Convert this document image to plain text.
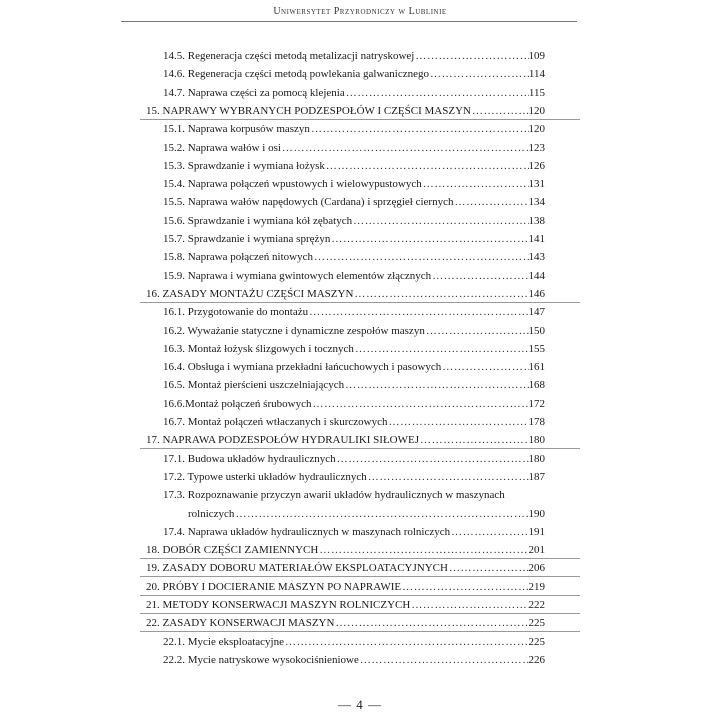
Uniwersytet Przyrodniczy w Lublinie
14.5. Regeneracja części metodą metalizacji natryskowej ………………………………………………………………………………………………………………………………………………………………………………………………	109
14.6. Regeneracja części metodą powlekania galwanicznego ………………………………………………………………………………………………………………………………………………………………………………………………	114
14.7. Naprawa części za pomocą klejenia ………………………………………………………………………………………………………………………………………………………………………………………………	115
15. NAPRAWY WYBRANYCH PODZESPOŁÓW I CZĘŚCI MASZYN ………………………………………………………………………………………………………………………………………………………………………………………………	120
15.1. Naprawa korpusów maszyn ………………………………………………………………………………………………………………………………………………………………………………………………	120
15.2. Naprawa wałów i osi ………………………………………………………………………………………………………………………………………………………………………………………………	123
15.3. Sprawdzanie i wymiana łożysk ………………………………………………………………………………………………………………………………………………………………………………………………	126
15.4. Naprawa połączeń wpustowych i wielowypustowych ………………………………………………………………………………………………………………………………………………………………………………………………	131
15.5. Naprawa wałów napędowych (Cardana) i sprzęgieł ciernych ………………………………………………………………………………………………………………………………………………………………………………………………	134
15.6. Sprawdzanie i wymiana kół zębatych ………………………………………………………………………………………………………………………………………………………………………………………………	138
15.7. Sprawdzanie i wymiana sprężyn ………………………………………………………………………………………………………………………………………………………………………………………………	141
15.8. Naprawa połączeń nitowych ………………………………………………………………………………………………………………………………………………………………………………………………	143
15.9. Naprawa i wymiana gwintowych elementów złącznych ………………………………………………………………………………………………………………………………………………………………………………………………	144
16. ZASADY MONTAŻU CZĘŚCI MASZYN ………………………………………………………………………………………………………………………………………………………………………………………………	146
16.1. Przygotowanie do montażu ………………………………………………………………………………………………………………………………………………………………………………………………	147
16.2. Wyważanie statyczne i dynamiczne zespołów maszyn ………………………………………………………………………………………………………………………………………………………………………………………………	150
16.3. Montaż łożysk ślizgowych i tocznych ………………………………………………………………………………………………………………………………………………………………………………………………	155
16.4. Obsługa i wymiana przekładni łańcuchowych i pasowych ………………………………………………………………………………………………………………………………………………………………………………………………	161
16.5. Montaż pierścieni uszczelniających ………………………………………………………………………………………………………………………………………………………………………………………………	168
16.6.Montaż połączeń śrubowych ………………………………………………………………………………………………………………………………………………………………………………………………	172
16.7. Montaż połączeń wtłaczanych i skurczowych ………………………………………………………………………………………………………………………………………………………………………………………………	178
17. NAPRAWA PODZESPOŁÓW HYDRAULIKI SIŁOWEJ ………………………………………………………………………………………………………………………………………………………………………………………………	180
17.1. Budowa układów hydraulicznych ………………………………………………………………………………………………………………………………………………………………………………………………	180
17.2. Typowe usterki układów hydraulicznych ………………………………………………………………………………………………………………………………………………………………………………………………	187
17.3. Rozpoznawanie przyczyn awarii układów hydraulicznych w maszynach
rolniczych ………………………………………………………………………………………………………………………………………………………………………………………………	190
17.4. Naprawa układów hydraulicznych w maszynach rolniczych ………………………………………………………………………………………………………………………………………………………………………………………………	191
18. DOBÓR CZĘŚCI ZAMIENNYCH ………………………………………………………………………………………………………………………………………………………………………………………………	201
19. ZASADY DOBORU MATERIAŁÓW EKSPLOATACYJNYCH ………………………………………………………………………………………………………………………………………………………………………………………………	206
20. PRÓBY I DOCIERANIE MASZYN PO NAPRAWIE ………………………………………………………………………………………………………………………………………………………………………………………………	219
21. METODY KONSERWACJI MASZYN ROLNICZYCH ………………………………………………………………………………………………………………………………………………………………………………………………	222
22. ZASADY KONSERWACJI MASZYN ………………………………………………………………………………………………………………………………………………………………………………………………	225
22.1. Mycie eksploatacyjne ………………………………………………………………………………………………………………………………………………………………………………………………	225
22.2. Mycie natryskowe wysokociśnieniowe ………………………………………………………………………………………………………………………………………………………………………………………………	226
— 4 —
